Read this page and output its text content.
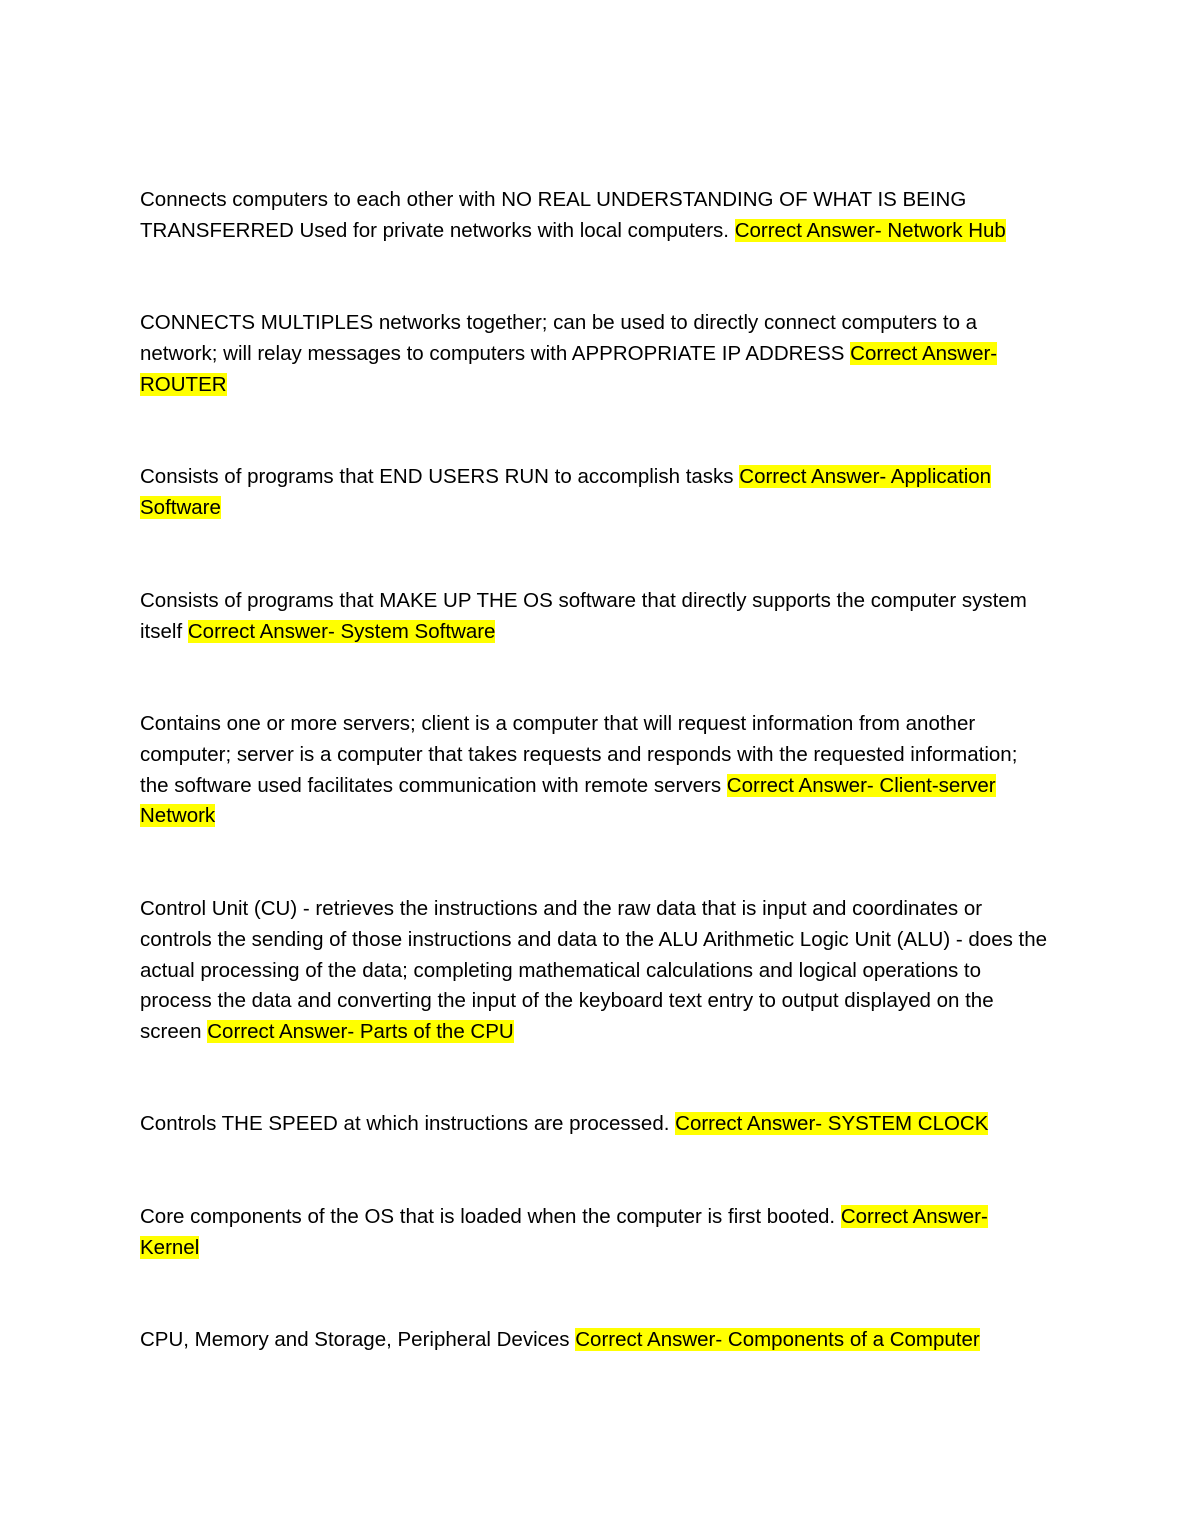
Connects computers to each other with NO REAL UNDERSTANDING OF WHAT IS BEING TRANSFERRED Used for private networks with local computers. Correct Answer- Network Hub

CONNECTS MULTIPLES networks together; can be used to directly connect computers to a network; will relay messages to computers with APPROPRIATE IP ADDRESS Correct Answer- ROUTER

Consists of programs that END USERS RUN to accomplish tasks Correct Answer- Application Software

Consists of programs that MAKE UP THE OS software that directly supports the computer system itself Correct Answer- System Software

Contains one or more servers; client is a computer that will request information from another computer; server is a computer that takes requests and responds with the requested information; the software used facilitates communication with remote servers Correct Answer- Client-server Network

Control Unit (CU) - retrieves the instructions and the raw data that is input and coordinates or controls the sending of those instructions and data to the ALU Arithmetic Logic Unit (ALU) - does the actual processing of the data; completing mathematical calculations and logical operations to process the data and converting the input of the keyboard text entry to output displayed on the screen Correct Answer- Parts of the CPU

Controls THE SPEED at which instructions are processed. Correct Answer- SYSTEM CLOCK

Core components of the OS that is loaded when the computer is first booted. Correct Answer- Kernel

CPU, Memory and Storage, Peripheral Devices Correct Answer- Components of a Computer
